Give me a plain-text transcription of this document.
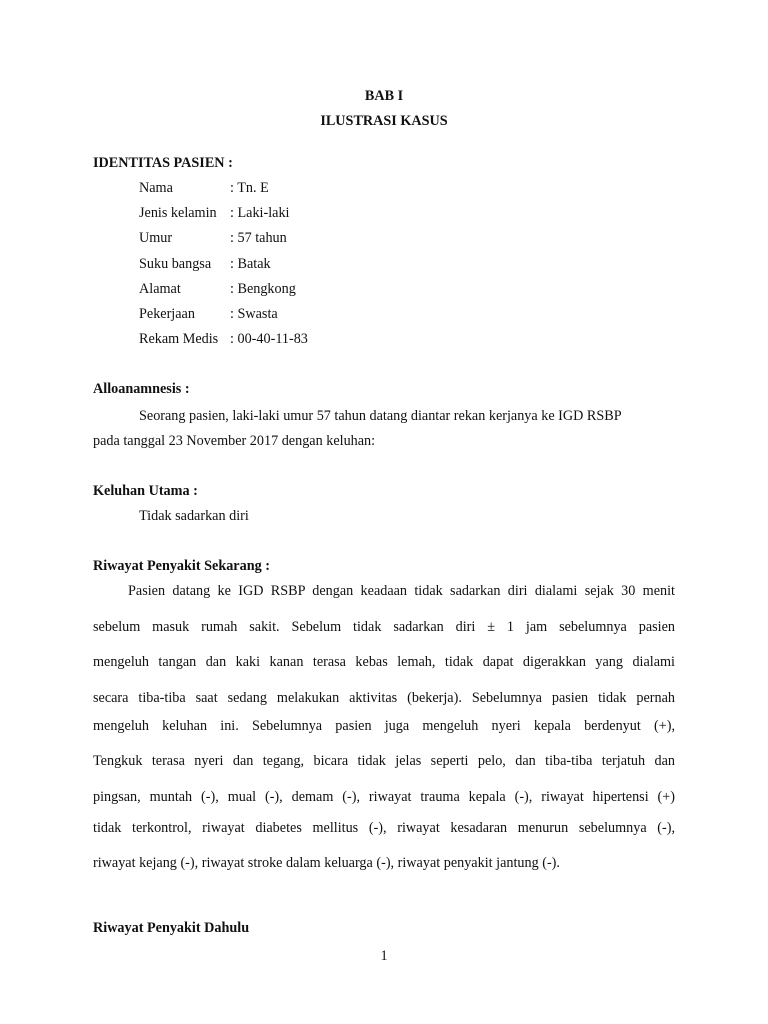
BAB I
ILUSTRASI KASUS
IDENTITAS PASIEN :
Nama	: Tn. E
Jenis kelamin : Laki-laki
Umur	: 57 tahun
Suku bangsa : Batak
Alamat	: Bengkong
Pekerjaan : Swasta
Rekam Medis : 00-40-11-83
Alloanamnesis :
Seorang pasien, laki-laki umur 57 tahun datang diantar rekan kerjanya ke IGD RSBP
pada tanggal 23 November 2017 dengan keluhan:
Keluhan Utama :
Tidak sadarkan diri
Riwayat Penyakit Sekarang :
Pasien datang ke IGD RSBP dengan keadaan tidak sadarkan diri dialami sejak 30 menit
sebelum masuk rumah sakit. Sebelum tidak sadarkan diri ± 1 jam sebelumnya pasien
mengeluh tangan dan kaki kanan terasa kebas lemah, tidak dapat digerakkan yang dialami
secara tiba-tiba saat sedang melakukan aktivitas (bekerja). Sebelumnya pasien tidak pernah
mengeluh keluhan ini. Sebelumnya pasien juga mengeluh nyeri kepala berdenyut (+),
Tengkuk terasa nyeri dan tegang, bicara tidak jelas seperti pelo, dan tiba-tiba terjatuh dan
pingsan, muntah (-), mual (-), demam (-), riwayat trauma kepala (-), riwayat hipertensi (+)
tidak terkontrol, riwayat diabetes mellitus (-), riwayat kesadaran menurun sebelumnya (-),
riwayat kejang (-), riwayat stroke dalam keluarga (-), riwayat penyakit jantung (-).
Riwayat Penyakit Dahulu
1
